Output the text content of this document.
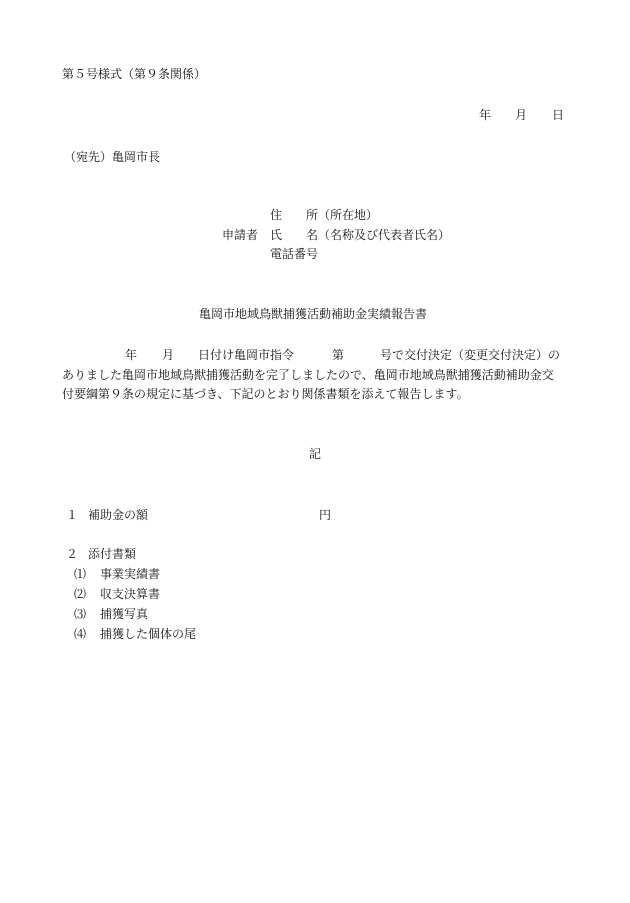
第５号様式（第９条関係）
年 月 日
（宛先）亀岡市長
住　　所（所在地）
申請者 氏　　名（名称及び代表者氏名）
電話番号
亀岡市地域鳥獣捕獲活動補助金実績報告書
年 月 日付け亀岡市指令	第	号で交付決定（変更交付決定）の
ありました亀岡市地域鳥獣捕獲活動を完了しましたので、亀岡市地域鳥獣捕獲活動補助金交
付要綱第９条の規定に基づき、下記のとおり関係書類を添えて報告します。
記
１ 補助金の額	円
２ 添付書類
⑴ 事業実績書
⑵ 収支決算書
⑶ 捕獲写真
⑷ 捕獲した個体の尾
